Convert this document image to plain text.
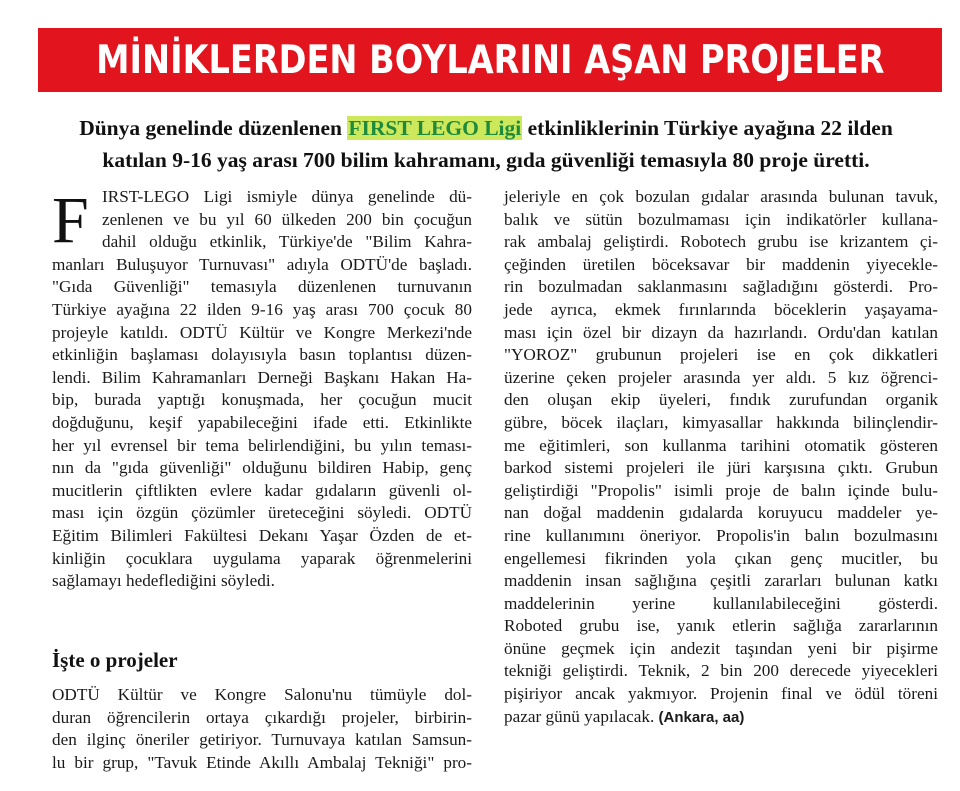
MİNİKLERDEN BOYLARINI AŞAN PROJELER
Dünya genelinde düzenlenen FIRST LEGO Ligi etkinliklerinin Türkiye ayağına 22 ilden
katılan 9-16 yaş arası 700 bilim kahramanı, gıda güvenliği temasıyla 80 proje üretti.
F IRST-LEGO Ligi ismiyle dünya genelinde dü-
zenlenen ve bu yıl 60 ülkeden 200 bin çocuğun
dahil olduğu etkinlik, Türkiye'de "Bilim Kahra-
manları Buluşuyor Turnuvası" adıyla ODTÜ'de başladı.
"Gıda Güvenliği" temasıyla düzenlenen turnuvanın
Türkiye ayağına 22 ilden 9-16 yaş arası 700 çocuk 80
projeyle katıldı. ODTÜ Kültür ve Kongre Merkezi'nde
etkinliğin başlaması dolayısıyla basın toplantısı düzen-
lendi. Bilim Kahramanları Derneği Başkanı Hakan Ha-
bip, burada yaptığı konuşmada, her çocuğun mucit
doğduğunu, keşif yapabileceğini ifade etti. Etkinlikte
her yıl evrensel bir tema belirlendiğini, bu yılın teması-
nın da "gıda güvenliği" olduğunu bildiren Habip, genç
mucitlerin çiftlikten evlere kadar gıdaların güvenli ol-
ması için özgün çözümler üreteceğini söyledi. ODTÜ
Eğitim Bilimleri Fakültesi Dekanı Yaşar Özden de et-
kinliğin çocuklara uygulama yaparak öğrenmelerini
sağlamayı hedeflediğini söyledi.
İşte o projeler
ODTÜ Kültür ve Kongre Salonu'nu tümüyle dol-
duran öğrencilerin ortaya çıkardığı projeler, birbirin-
den ilginç öneriler getiriyor. Turnuvaya katılan Samsun-
lu bir grup, "Tavuk Etinde Akıllı Ambalaj Tekniği" pro-
jeleriyle en çok bozulan gıdalar arasında bulunan tavuk,
balık ve sütün bozulmaması için indikatörler kullana-
rak ambalaj geliştirdi. Robotech grubu ise krizantem çi-
çeğinden üretilen böceksavar bir maddenin yiyecekle-
rin bozulmadan saklanmasını sağladığını gösterdi. Pro-
jede ayrıca, ekmek fırınlarında böceklerin yaşayama-
ması için özel bir dizayn da hazırlandı. Ordu'dan katılan
"YOROZ" grubunun projeleri ise en çok dikkatleri
üzerine çeken projeler arasında yer aldı. 5 kız öğrenci-
den oluşan ekip üyeleri, fındık zurufundan organik
gübre, böcek ilaçları, kimyasallar hakkında bilinçlendir-
me eğitimleri, son kullanma tarihini otomatik gösteren
barkod sistemi projeleri ile jüri karşısına çıktı. Grubun
geliştirdiği "Propolis" isimli proje de balın içinde bulu-
nan doğal maddenin gıdalarda koruyucu maddeler ye-
rine kullanımını öneriyor. Propolis'in balın bozulmasını
engellemesi fikrinden yola çıkan genç mucitler, bu
maddenin insan sağlığına çeşitli zararları bulunan katkı
maddelerinin yerine kullanılabileceğini gösterdi.
Roboted grubu ise, yanık etlerin sağlığa zararlarının
önüne geçmek için andezit taşından yeni bir pişirme
tekniği geliştirdi. Teknik, 2 bin 200 derecede yiyecekleri
pişiriyor ancak yakmıyor. Projenin final ve ödül töreni
pazar günü yapılacak. (Ankara, aa)
